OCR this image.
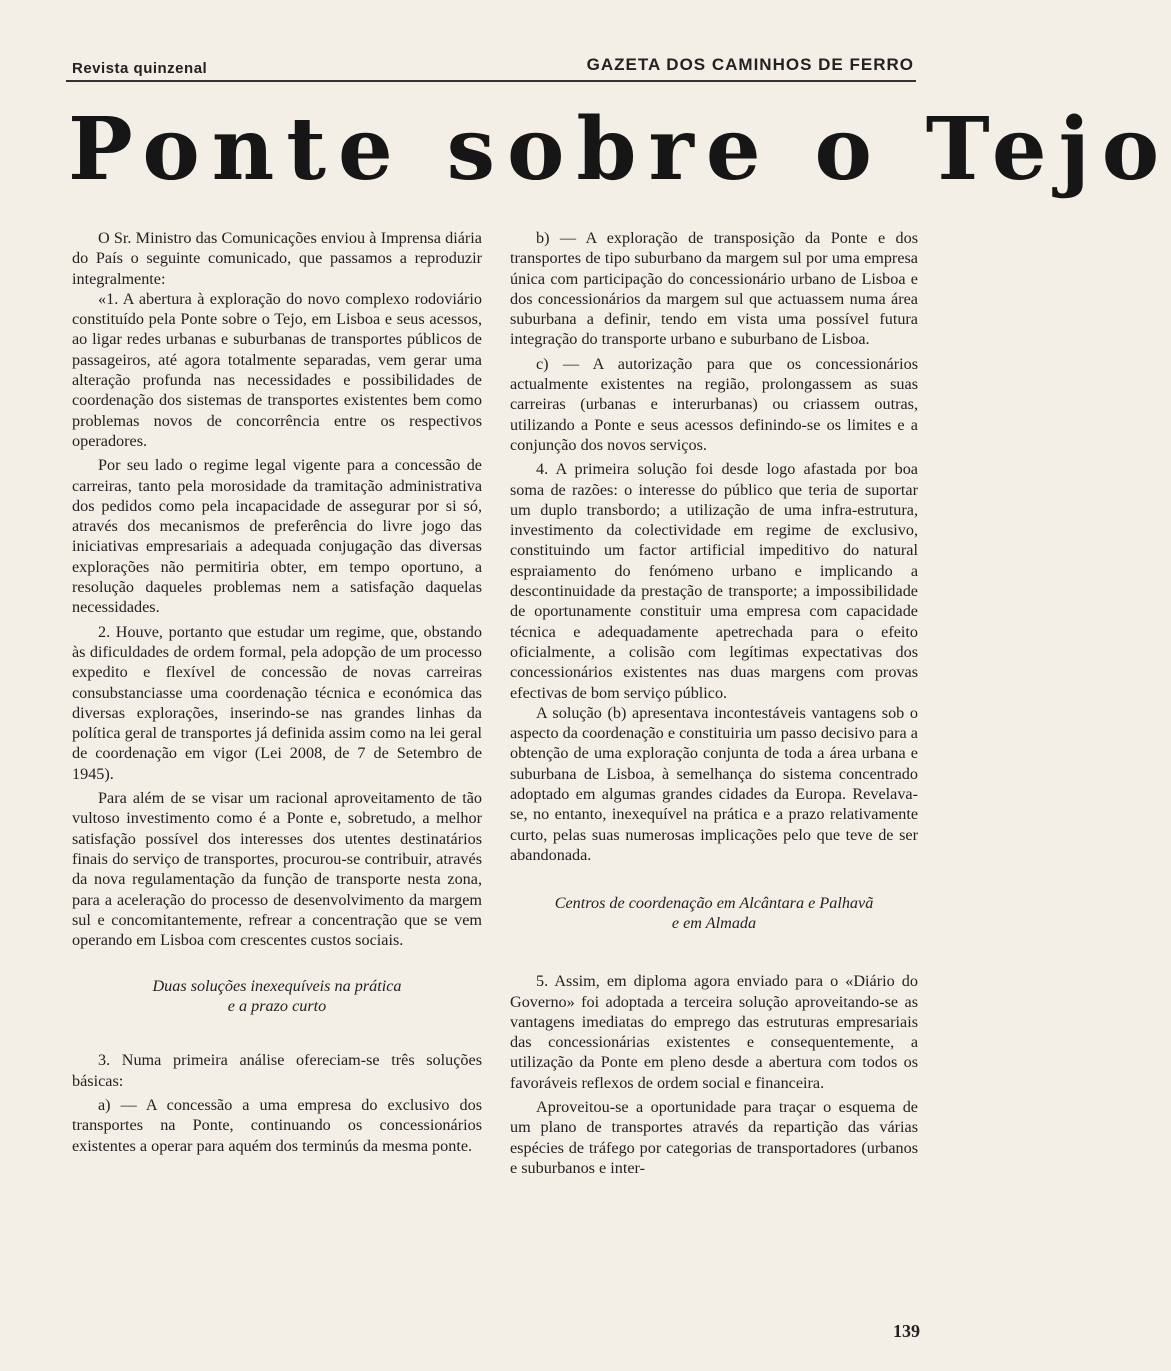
Revista quinzenal	GAZETA DOS CAMINHOS DE FERRO
Ponte sobre o Tejo

O Sr. Ministro das Comunicações enviou à Imprensa diária do País o seguinte comunicado, que passamos a reproduzir integralmente:

«1. A abertura à exploração do novo complexo rodoviário constituído pela Ponte sobre o Tejo, em Lisboa e seus acessos, ao ligar redes urbanas e suburbanas de transportes públicos de passageiros, até agora totalmente separadas, vem gerar uma alteração profunda nas necessidades e possibilidades de coordenação dos sistemas de transportes existentes bem como problemas novos de concorrência entre os respectivos operadores.

Por seu lado o regime legal vigente para a concessão de carreiras, tanto pela morosidade da tramitação administrativa dos pedidos como pela incapacidade de assegurar por si só, através dos mecanismos de preferência do livre jogo das iniciativas empresariais a adequada conjugação das diversas explorações não permitiria obter, em tempo oportuno, a resolução daqueles problemas nem a satisfação daquelas necessidades.

2. Houve, portanto que estudar um regime, que, obstando às dificuldades de ordem formal, pela adopção de um processo expedito e flexível de concessão de novas carreiras consubstanciasse uma coordenação técnica e económica das diversas explorações, inserindo-se nas grandes linhas da política geral de transportes já definida assim como na lei geral de coordenação em vigor (Lei 2008, de 7 de Setembro de 1945).

Para além de se visar um racional aproveitamento de tão vultoso investimento como é a Ponte e, sobretudo, a melhor satisfação possível dos interesses dos utentes destinatários finais do serviço de transportes, procurou-se contribuir, através da nova regulamentação da função de transporte nesta zona, para a aceleração do processo de desenvolvimento da margem sul e concomitantemente, refrear a concentração que se vem operando em Lisboa com crescentes custos sociais.

Duas soluções inexequíveis na prática
e a prazo curto

3. Numa primeira análise ofereciam-se três soluções básicas:

a) — A concessão a uma empresa do exclusivo dos transportes na Ponte, continuando os concessionários existentes a operar para aquém dos terminús da mesma ponte.

b) — A exploração de transposição da Ponte e dos transportes de tipo suburbano da margem sul por uma empresa única com participação do concessionário urbano de Lisboa e dos concessionários da margem sul que actuassem numa área suburbana a definir, tendo em vista uma possível futura integração do transporte urbano e suburbano de Lisboa.

c) — A autorização para que os concessionários actualmente existentes na região, prolongassem as suas carreiras (urbanas e interurbanas) ou criassem outras, utilizando a Ponte e seus acessos definindo-se os limites e a conjunção dos novos serviços.

4. A primeira solução foi desde logo afastada por boa soma de razões: o interesse do público que teria de suportar um duplo transbordo; a utilização de uma infra-estrutura, investimento da colectividade em regime de exclusivo, constituindo um factor artificial impeditivo do natural espraiamento do fenómeno urbano e implicando a descontinuidade da prestação de transporte; a impossibilidade de oportunamente constituir uma empresa com capacidade técnica e adequadamente apetrechada para o efeito oficialmente, a colisão com legítimas expectativas dos concessionários existentes nas duas margens com provas efectivas de bom serviço público.

A solução (b) apresentava incontestáveis vantagens sob o aspecto da coordenação e constituiria um passo decisivo para a obtenção de uma exploração conjunta de toda a área urbana e suburbana de Lisboa, à semelhança do sistema concentrado adoptado em algumas grandes cidades da Europa. Revelava-se, no entanto, inexequível na prática e a prazo relativamente curto, pelas suas numerosas implicações pelo que teve de ser abandonada.

Centros de coordenação em Alcântara e Palhavã
e em Almada

5. Assim, em diploma agora enviado para o «Diário do Governo» foi adoptada a terceira solução aproveitando-se as vantagens imediatas do emprego das estruturas empresariais das concessionárias existentes e consequentemente, a utilização da Ponte em pleno desde a abertura com todos os favoráveis reflexos de ordem social e financeira.

Aproveitou-se a oportunidade para traçar o esquema de um plano de transportes através da repartição das várias espécies de tráfego por categorias de transportadores (urbanos e suburbanos e inter-

139
